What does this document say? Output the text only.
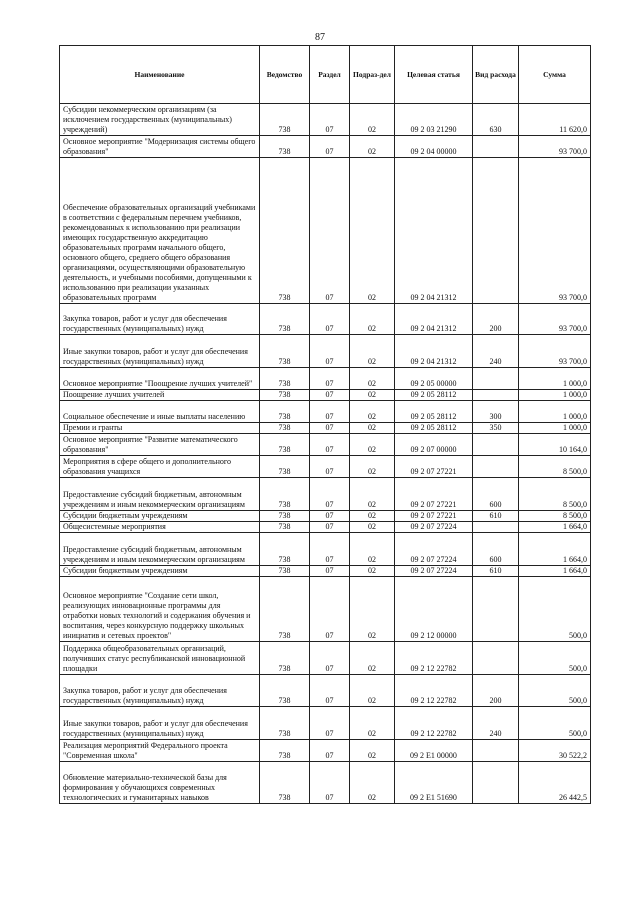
87
Наименование	Ведомство	Раздел	Подраз-дел	Целевая статья	Вид расхода	Сумма
Субсидии некоммерческим организациям (за исключением государственных (муниципальных) учреждений)	738	07	02	09 2 03 21290	630	11 620,0
Основное мероприятие "Модернизация системы общего образования"	738	07	02	09 2 04 00000		93 700,0
Обеспечение образовательных организаций учебниками в соответствии с федеральным перечнем учебников, рекомендованных к использованию при реализации имеющих государственную аккредитацию образовательных программ начального общего, основного общего, среднего общего образования организациями, осуществляющими образовательную деятельность, и учебными пособиями, допущенными к использованию при реализации указанных образовательных программ	738	07	02	09 2 04 21312		93 700,0
Закупка товаров, работ и услуг для обеспечения государственных (муниципальных) нужд	738	07	02	09 2 04 21312	200	93 700,0
Иные закупки товаров, работ и услуг для обеспечения государственных (муниципальных) нужд	738	07	02	09 2 04 21312	240	93 700,0
Основное мероприятие "Поощрение лучших учителей"	738	07	02	09 2 05 00000		1 000,0
Поощрение лучших учителей	738	07	02	09 2 05 28112		1 000,0
Социальное обеспечение и иные выплаты населению	738	07	02	09 2 05 28112	300	1 000,0
Премии и гранты	738	07	02	09 2 05 28112	350	1 000,0
Основное мероприятие "Развитие математического образования"	738	07	02	09 2 07 00000		10 164,0
Мероприятия в сфере общего и дополнительного образования учащихся	738	07	02	09 2 07 27221		8 500,0
Предоставление субсидий бюджетным, автономным учреждениям и иным некоммерческим организациям	738	07	02	09 2 07 27221	600	8 500,0
Субсидии бюджетным учреждениям	738	07	02	09 2 07 27221	610	8 500,0
Общесистемные мероприятия	738	07	02	09 2 07 27224		1 664,0
Предоставление субсидий бюджетным, автономным учреждениям и иным некоммерческим организациям	738	07	02	09 2 07 27224	600	1 664,0
Субсидии бюджетным учреждениям	738	07	02	09 2 07 27224	610	1 664,0
Основное мероприятие "Создание сети школ, реализующих инновационные программы для отработки новых технологий и содержания обучения и воспитания, через конкурсную поддержку школьных инициатив и сетевых проектов"	738	07	02	09 2 12 00000		500,0
Поддержка общеобразовательных организаций, получивших статус республиканской инновационной площадки	738	07	02	09 2 12 22782		500,0
Закупка товаров, работ и услуг для обеспечения государственных (муниципальных) нужд	738	07	02	09 2 12 22782	200	500,0
Иные закупки товаров, работ и услуг для обеспечения государственных (муниципальных) нужд	738	07	02	09 2 12 22782	240	500,0
Реализация мероприятий Федерального проекта "Современная школа"	738	07	02	09 2 E1 00000		30 522,2
Обновление материально-технической базы для формирования у обучающихся современных технологических и гуманитарных навыков	738	07	02	09 2 E1 51690		26 442,5
